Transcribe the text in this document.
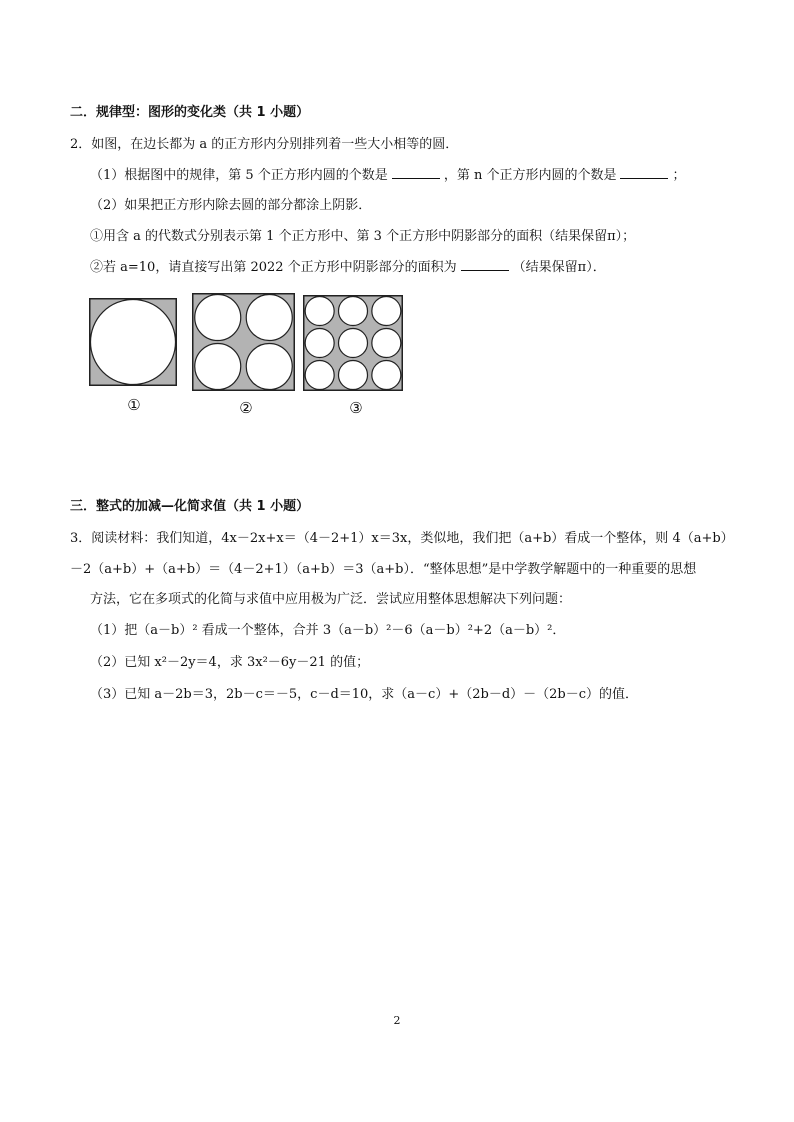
二．规律型：图形的变化类（共 1 小题）
2．如图，在边长都为 a 的正方形内分别排列着一些大小相等的圆．
（1）根据图中的规律，第 5 个正方形内圆的个数是	，第 n 个正方形内圆的个数是	；
（2）如果把正方形内除去圆的部分都涂上阴影．
①用含 a 的代数式分别表示第 1 个正方形中、第 3 个正方形中阴影部分的面积（结果保留π）；
②若 a=10，请直接写出第 2022 个正方形中阴影部分的面积为	（结果保留π）．
①	②	③
三．整式的加减—化简求值（共 1 小题）
3．阅读材料：我们知道，4x－2x+x＝（4－2+1）x＝3x，类似地，我们把（a+b）看成一个整体，则 4（a+b）
－2（a+b）+（a+b）＝（4－2+1）（a+b）＝3（a+b）．“整体思想”是中学教学解题中的一种重要的思想
方法，它在多项式的化简与求值中应用极为广泛．尝试应用整体思想解决下列问题：
（1）把（a－b）² 看成一个整体，合并 3（a－b）²－6（a－b）²+2（a－b）²．
（2）已知 x²－2y＝4，求 3x²－6y－21 的值；
（3）已知 a－2b＝3，2b－c＝－5，c－d＝10，求（a－c）+（2b－d）－（2b－c）的值．
2
